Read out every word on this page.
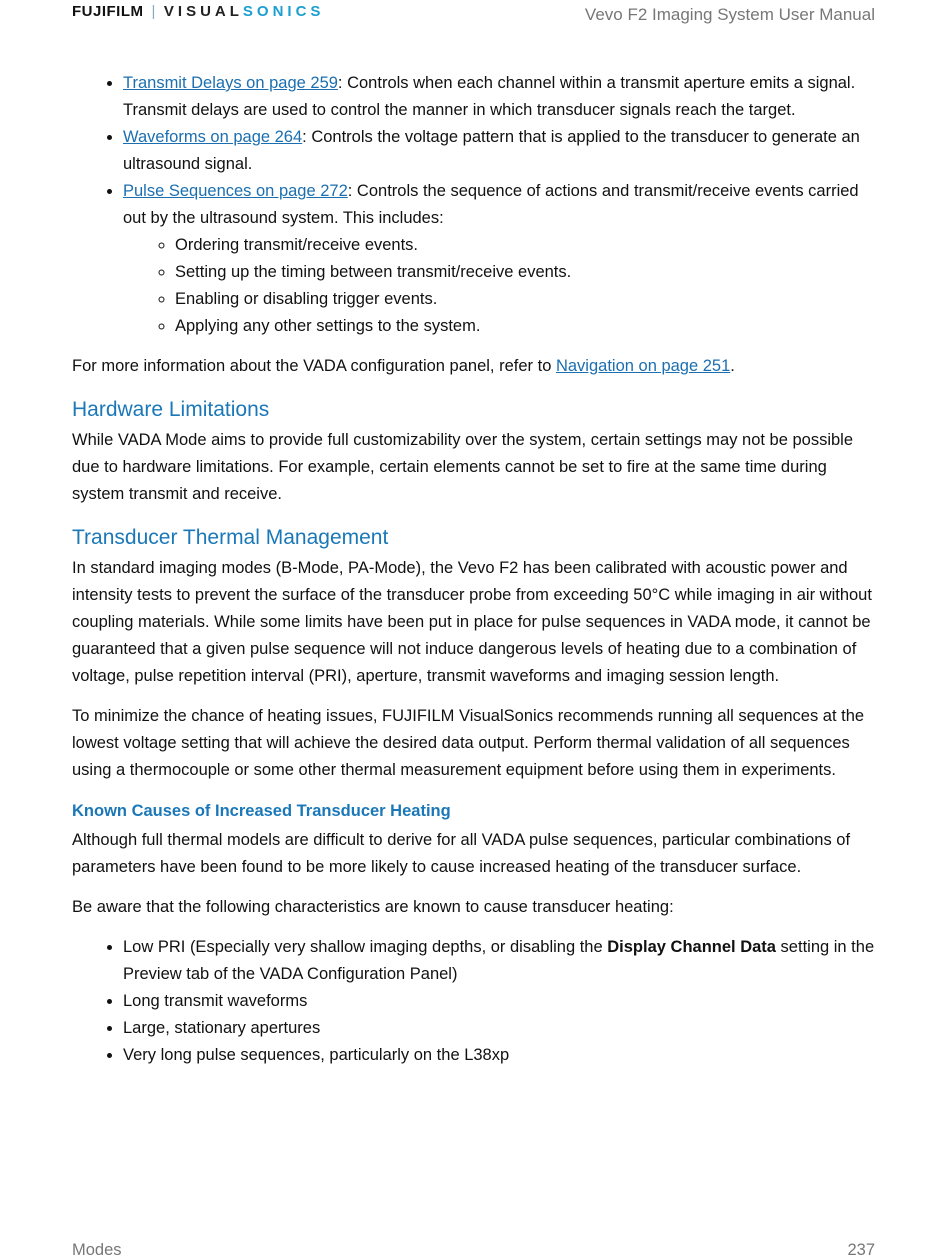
FUJIFILM | VISUALSONICS	Vevo F2 Imaging System User Manual
• Transmit Delays on page 259: Controls when each channel within a transmit aperture emits a signal. Transmit delays are used to control the manner in which transducer signals reach the target.
• Waveforms on page 264: Controls the voltage pattern that is applied to the transducer to generate an ultrasound signal.
• Pulse Sequences on page 272: Controls the sequence of actions and transmit/receive events carried out by the ultrasound system. This includes:
◦ Ordering transmit/receive events.
◦ Setting up the timing between transmit/receive events.
◦ Enabling or disabling trigger events.
◦ Applying any other settings to the system.

For more information about the VADA configuration panel, refer to Navigation on page 251.

Hardware Limitations

While VADA Mode aims to provide full customizability over the system, certain settings may not be possible due to hardware limitations. For example, certain elements cannot be set to fire at the same time during system transmit and receive.

Transducer Thermal Management

In standard imaging modes (B-Mode, PA-Mode), the Vevo F2 has been calibrated with acoustic power and intensity tests to prevent the surface of the transducer probe from exceeding 50°C while imaging in air without coupling materials. While some limits have been put in place for pulse sequences in VADA mode, it cannot be guaranteed that a given pulse sequence will not induce dangerous levels of heating due to a combination of voltage, pulse repetition interval (PRI), aperture, transmit waveforms and imaging session length.

To minimize the chance of heating issues, FUJIFILM VisualSonics recommends running all sequences at the lowest voltage setting that will achieve the desired data output. Perform thermal validation of all sequences using a thermocouple or some other thermal measurement equipment before using them in experiments.

Known Causes of Increased Transducer Heating

Although full thermal models are difficult to derive for all VADA pulse sequences, particular combinations of parameters have been found to be more likely to cause increased heating of the transducer surface.

Be aware that the following characteristics are known to cause transducer heating:

• Low PRI (Especially very shallow imaging depths, or disabling the Display Channel Data setting in the Preview tab of the VADA Configuration Panel)
• Long transmit waveforms
• Large, stationary apertures
• Very long pulse sequences, particularly on the L38xp
Modes	237
